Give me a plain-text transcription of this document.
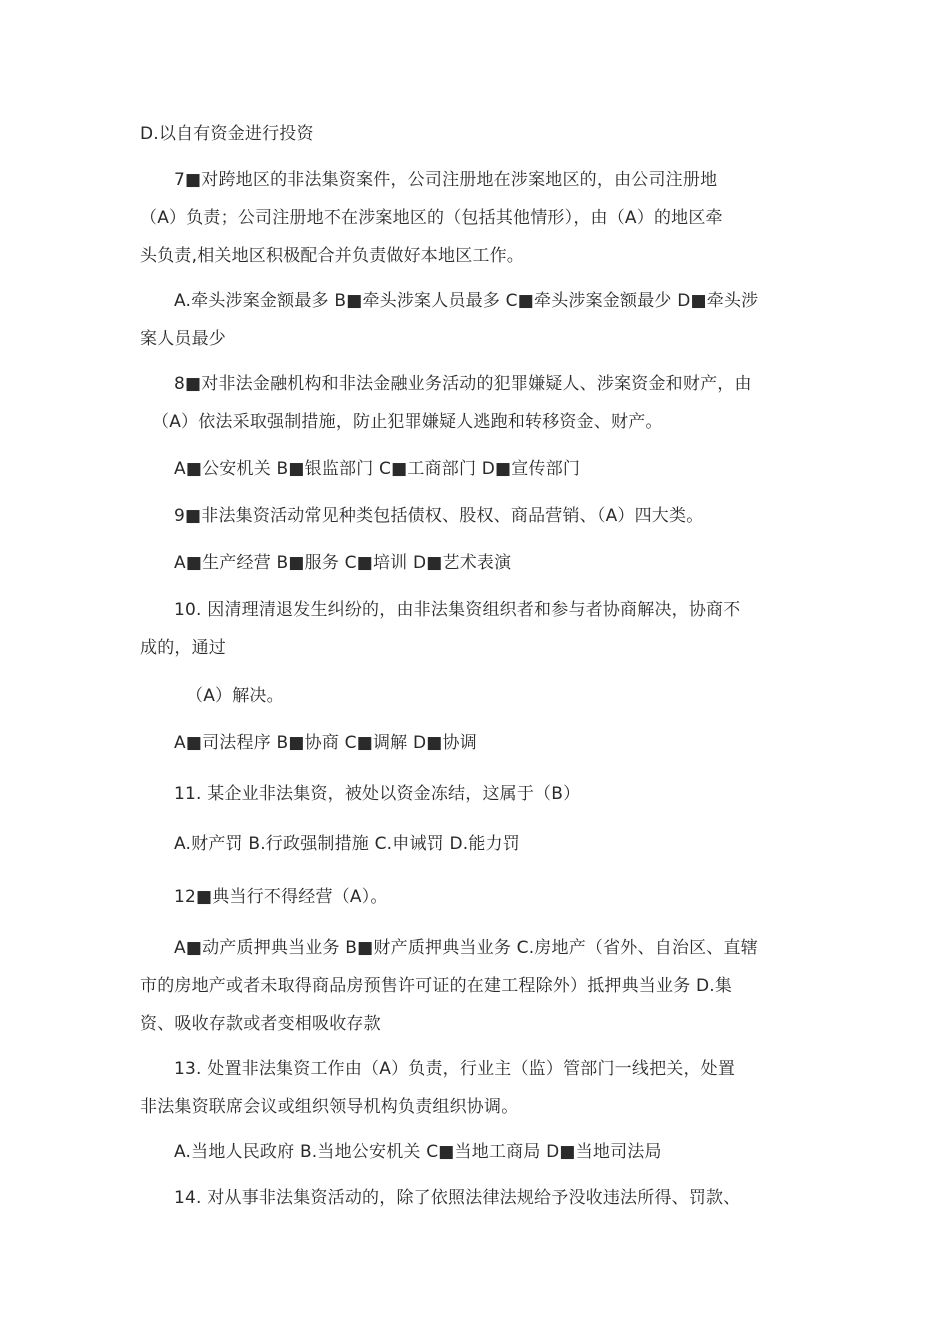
D.以自有资金进行投资
7■对跨地区的非法集资案件，公司注册地在涉案地区的，由公司注册地
（A）负责；公司注册地不在涉案地区的（包括其他情形），由（A）的地区牵
头负责,相关地区积极配合并负责做好本地区工作。
A.牵头涉案金额最多 B■牵头涉案人员最多 C■牵头涉案金额最少 D■牵头涉
案人员最少
8■对非法金融机构和非法金融业务活动的犯罪嫌疑人、涉案资金和财产，由
（A）依法采取强制措施，防止犯罪嫌疑人逃跑和转移资金、财产。
A■公安机关 B■银监部门 C■工商部门 D■宣传部门
9■非法集资活动常见种类包括债权、股权、商品营销、（A）四大类。
A■生产经营 B■服务 C■培训 D■艺术表演
10. 因清理清退发生纠纷的，由非法集资组织者和参与者协商解决，协商不
成的，通过
（A）解决。
A■司法程序 B■协商 C■调解 D■协调
11. 某企业非法集资，被处以资金冻结，这属于（B）
A.财产罚 B.行政强制措施 C.申诫罚 D.能力罚
12■典当行不得经营（A）。
A■动产质押典当业务 B■财产质押典当业务 C.房地产（省外、自治区、直辖
市的房地产或者未取得商品房预售许可证的在建工程除外）抵押典当业务 D.集
资、吸收存款或者变相吸收存款
13. 处置非法集资工作由（A）负责，行业主（监）管部门一线把关，处置
非法集资联席会议或组织领导机构负责组织协调。
A.当地人民政府 B.当地公安机关 C■当地工商局 D■当地司法局
14. 对从事非法集资活动的，除了依照法律法规给予没收违法所得、罚款、
